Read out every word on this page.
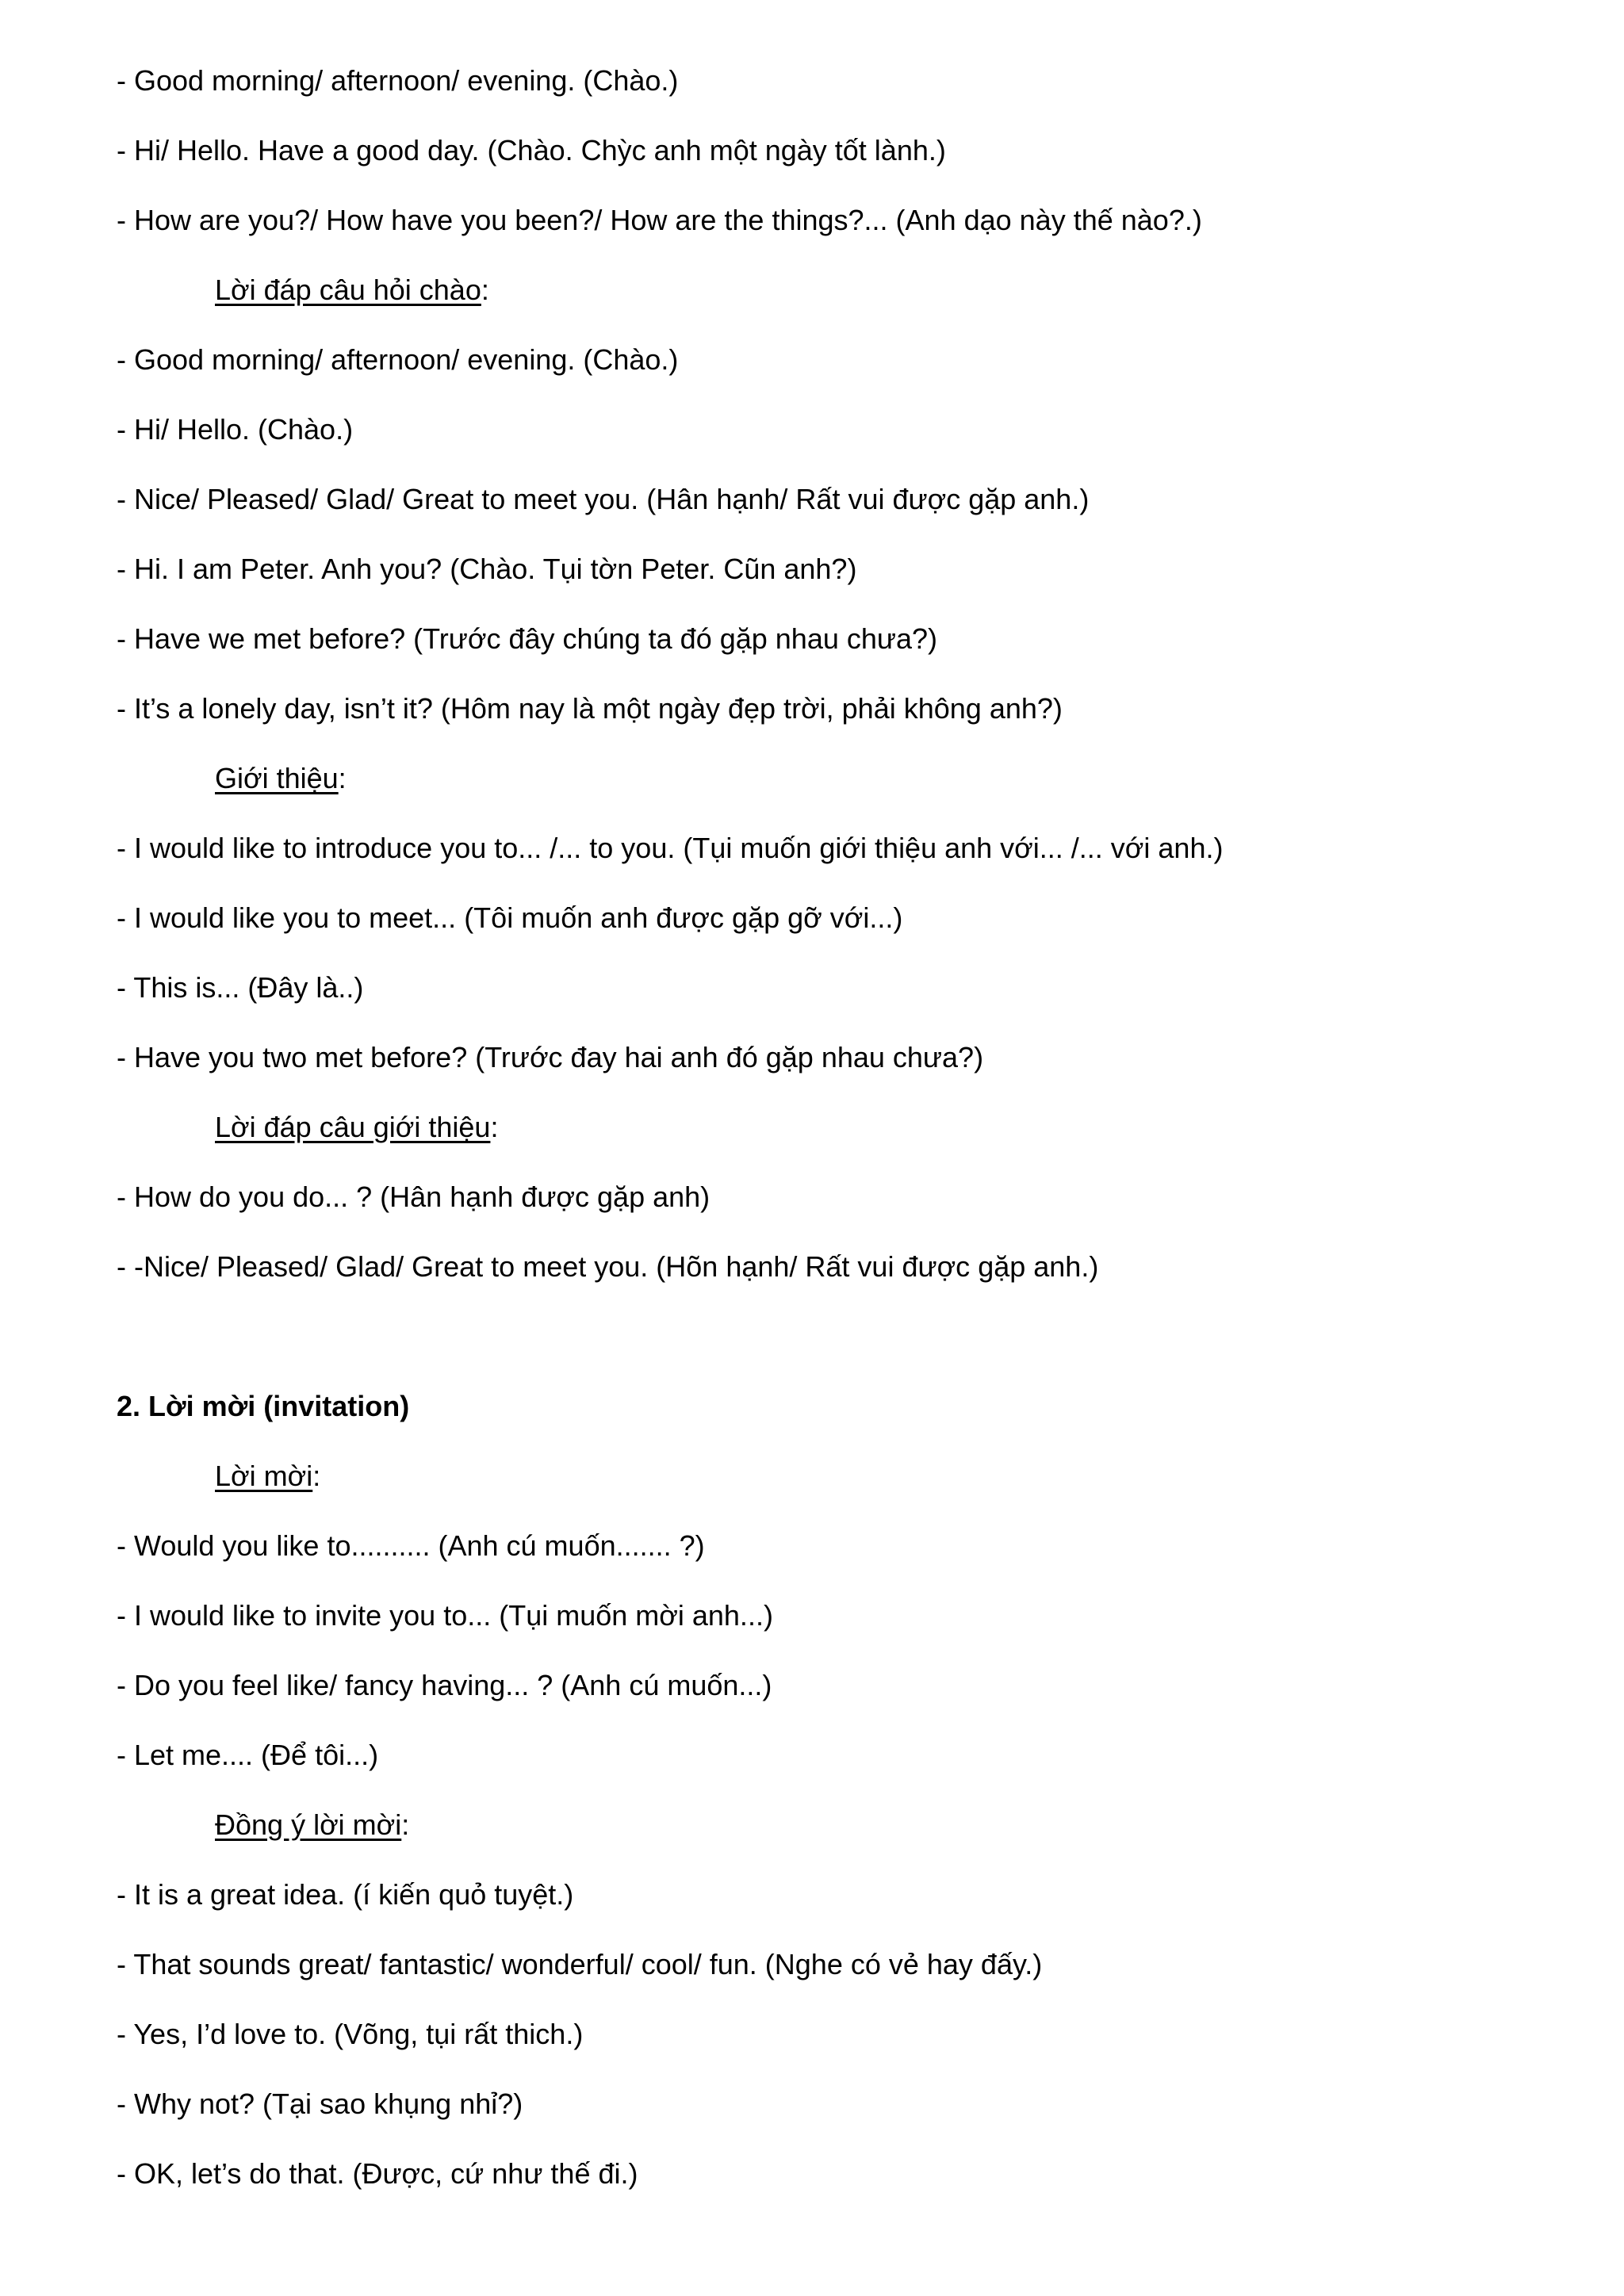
- Good morning/ afternoon/ evening. (Chào.)
- Hi/ Hello. Have a good day. (Chào. Chỳc anh một ngày tốt lành.)
- How are you?/ How have you been?/ How are the things?... (Anh dạo này thế nào?.)
Lời đáp câu hỏi chào:
- Good morning/ afternoon/ evening. (Chào.)
- Hi/ Hello. (Chào.)
- Nice/ Pleased/ Glad/ Great to meet you. (Hân hạnh/ Rất vui được gặp anh.)
- Hi. I am Peter. Anh you? (Chào. Tụi tờn Peter. Cũn anh?)
- Have we met before? (Trước đây chúng ta đó gặp nhau chưa?)
- It’s a lonely day, isn’t it? (Hôm nay là một ngày đẹp trời, phải không anh?)
Giới thiệu:
- I would like to introduce you to... /... to you. (Tụi muốn giới thiệu anh với... /... với anh.)
- I would like you to meet... (Tôi muốn anh được gặp gỡ với...)
- This is... (Đây là..)
- Have you two met before? (Trước đay hai anh đó gặp nhau chưa?)
Lời đáp câu giới thiệu:
- How do you do... ? (Hân hạnh được gặp anh)
- -Nice/ Pleased/ Glad/ Great to meet you. (Hõn hạnh/ Rất vui được gặp anh.)
2. Lời mời (invitation)
Lời mời:
- Would you like to.......... (Anh cú muốn....... ?)
- I would like to invite you to... (Tụi muốn mời anh...)
- Do you feel like/ fancy having... ? (Anh cú muốn...)
- Let me.... (Để tôi...)
Đồng ý lời mời:
- It is a great idea. (í kiến quỏ tuyệt.)
- That sounds great/ fantastic/ wonderful/ cool/ fun. (Nghe có vẻ hay đấy.)
- Yes, I’d love to. (Võng, tụi rất thich.)
- Why not? (Tại sao khụng nhỉ?)
- OK, let’s do that. (Được, cứ như thế đi.)
